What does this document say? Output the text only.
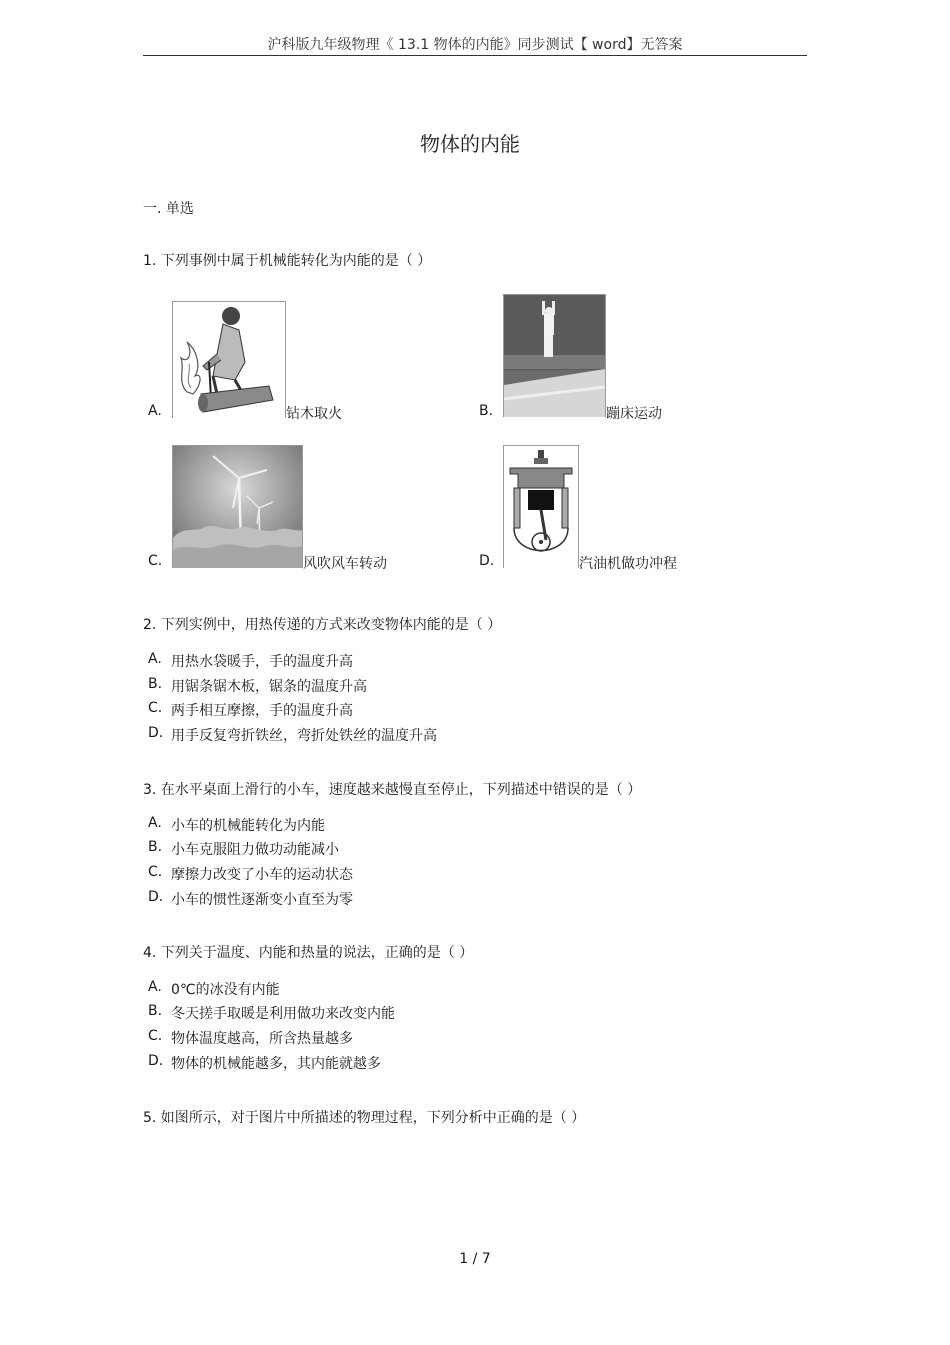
沪科版九年级物理《 13.1 物体的内能》同步测试【 word】无答案
物体的内能
一. 单选
1. 下列事例中属于机械能转化为内能的是（ ）
A.	钻木取火	B.	蹦床运动
C.	风吹风车转动	D.	汽油机做功冲程
2. 下列实例中，用热传递的方式来改变物体内能的是（ ）
A. 用热水袋暖手，手的温度升高
B. 用锯条锯木板，锯条的温度升高
C. 两手相互摩擦，手的温度升高
D. 用手反复弯折铁丝，弯折处铁丝的温度升高
3. 在水平桌面上滑行的小车，速度越来越慢直至停止，下列描述中错误的是（ ）
A. 小车的机械能转化为内能
B. 小车克服阻力做功动能减小
C. 摩擦力改变了小车的运动状态
D. 小车的惯性逐渐变小直至为零
4. 下列关于温度、内能和热量的说法，正确的是（ ）
A. 0℃的冰没有内能
B. 冬天搓手取暖是利用做功来改变内能
C. 物体温度越高，所含热量越多
D. 物体的机械能越多，其内能就越多
5. 如图所示，对于图片中所描述的物理过程，下列分析中正确的是（ ）
1 / 7
